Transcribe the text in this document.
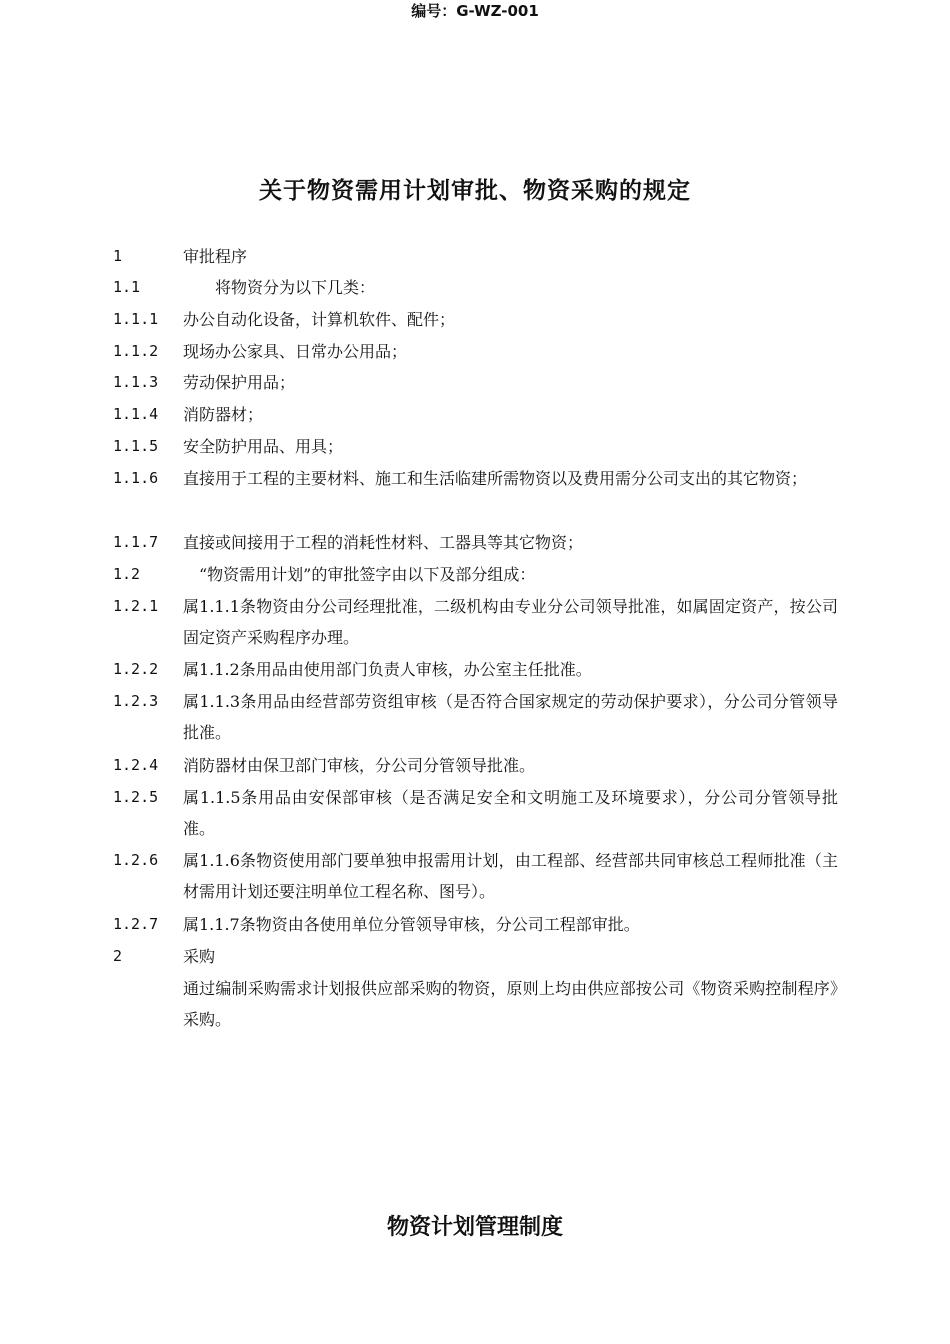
关于物资需用计划审批、物资采购的规定
编号：G-WZ-001
1	审批程序
1.1	　　将物资分为以下几类：
1.1.1 办公自动化设备，计算机软件、配件；
1.1.2 现场办公家具、日常办公用品；
1.1.3 劳动保护用品；
1.1.4 消防器材；
1.1.5 安全防护用品、用具；
1.1.6 直接用于工程的主要材料、施工和生活临建所需物资以及费用需分公司支出的其它物资；
1.1.7 直接或间接用于工程的消耗性材料、工器具等其它物资；
1.2	　“物资需用计划”的审批签字由以下及部分组成：
1.2.1 属1.1.1条物资由分公司经理批准，二级机构由专业分公司领导批准，如属固定资产，按公司固定资产采购程序办理。
1.2.2 属1.1.2条用品由使用部门负责人审核，办公室主任批准。
1.2.3 属1.1.3条用品由经营部劳资组审核（是否符合国家规定的劳动保护要求），分公司分管领导批准。
1.2.4 消防器材由保卫部门审核，分公司分管领导批准。
1.2.5 属1.1.5条用品由安保部审核（是否满足安全和文明施工及环境要求），分公司分管领导批准。
1.2.6 属1.1.6条物资使用部门要单独申报需用计划，由工程部、经营部共同审核总工程师批准（主材需用计划还要注明单位工程名称、图号）。
1.2.7 属1.1.7条物资由各使用单位分管领导审核，分公司工程部审批。
2	采购
通过编制采购需求计划报供应部采购的物资，原则上均由供应部按公司《物资采购控制程序》采购。
物资计划管理制度
